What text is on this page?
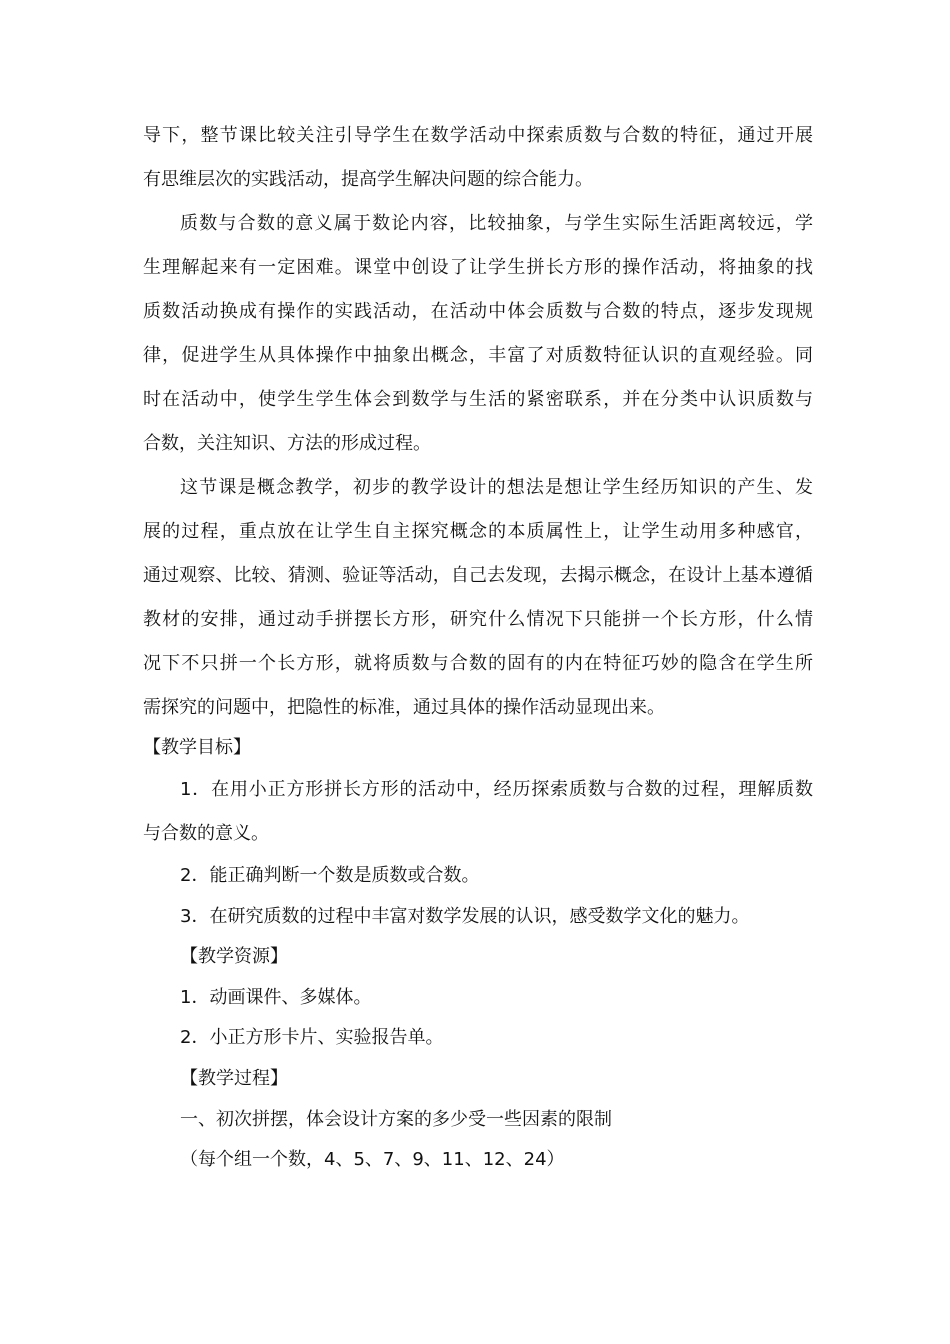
导下，整节课比较关注引导学生在数学活动中探索质数与合数的特征，通过开展
有思维层次的实践活动，提高学生解决问题的综合能力。
质数与合数的意义属于数论内容，比较抽象，与学生实际生活距离较远，学
生理解起来有一定困难。课堂中创设了让学生拼长方形的操作活动，将抽象的找
质数活动换成有操作的实践活动，在活动中体会质数与合数的特点，逐步发现规
律，促进学生从具体操作中抽象出概念，丰富了对质数特征认识的直观经验。同
时在活动中，使学生学生体会到数学与生活的紧密联系，并在分类中认识质数与
合数，关注知识、方法的形成过程。
这节课是概念教学，初步的教学设计的想法是想让学生经历知识的产生、发
展的过程，重点放在让学生自主探究概念的本质属性上，让学生动用多种感官，
通过观察、比较、猜测、验证等活动，自己去发现，去揭示概念，在设计上基本遵循
教材的安排，通过动手拼摆长方形，研究什么情况下只能拼一个长方形，什么情
况下不只拼一个长方形，就将质数与合数的固有的内在特征巧妙的隐含在学生所
需探究的问题中，把隐性的标准，通过具体的操作活动显现出来。
【教学目标】
1．在用小正方形拼长方形的活动中，经历探索质数与合数的过程，理解质数
与合数的意义。
2．能正确判断一个数是质数或合数。
3．在研究质数的过程中丰富对数学发展的认识，感受数学文化的魅力。
【教学资源】
1．动画课件、多媒体。
2．小正方形卡片、实验报告单。
【教学过程】
一、初次拼摆，体会设计方案的多少受一些因素的限制
（每个组一个数，4、5、7、9、11、12、24）
